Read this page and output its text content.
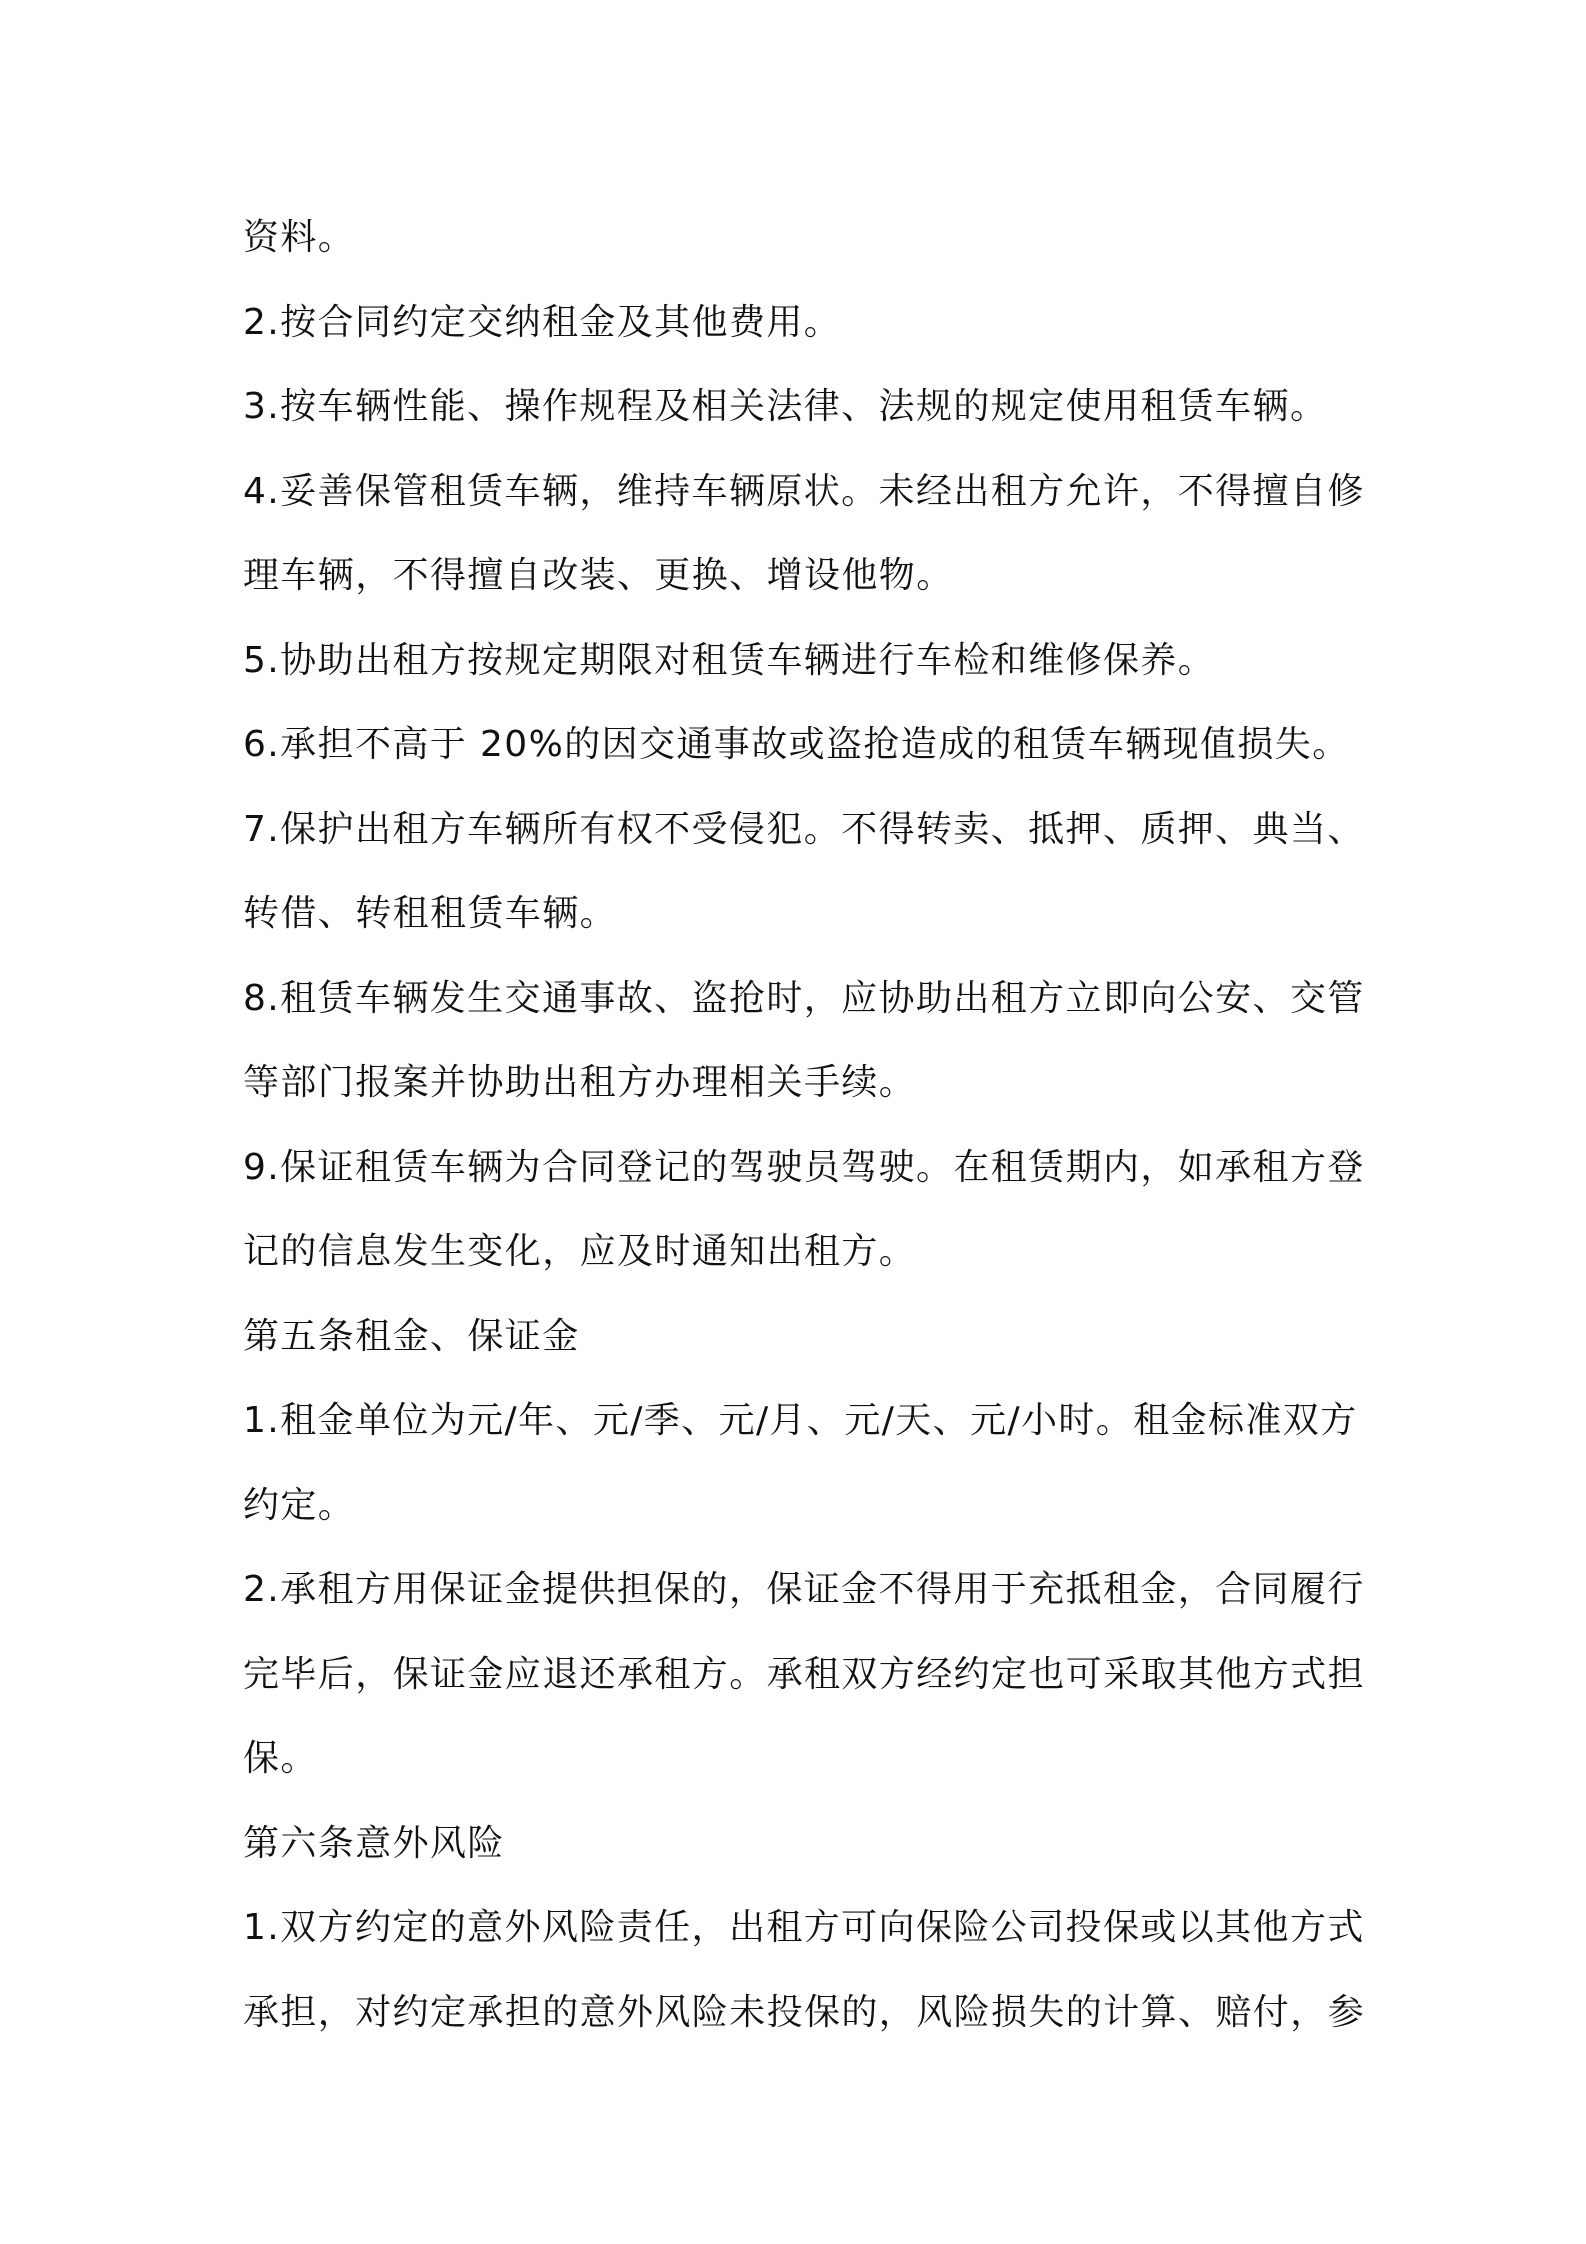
资料。
2.按合同约定交纳租金及其他费用。
3.按车辆性能、操作规程及相关法律、法规的规定使用租赁车辆。
4.妥善保管租赁车辆，维持车辆原状。未经出租方允许，不得擅自修
理车辆，不得擅自改装、更换、增设他物。
5.协助出租方按规定期限对租赁车辆进行车检和维修保养。
6.承担不高于 20%的因交通事故或盗抢造成的租赁车辆现值损失。
7.保护出租方车辆所有权不受侵犯。不得转卖、抵押、质押、典当、
转借、转租租赁车辆。
8.租赁车辆发生交通事故、盗抢时，应协助出租方立即向公安、交管
等部门报案并协助出租方办理相关手续。
9.保证租赁车辆为合同登记的驾驶员驾驶。在租赁期内，如承租方登
记的信息发生变化，应及时通知出租方。
第五条租金、保证金
1.租金单位为元/年、元/季、元/月、元/天、元/小时。租金标准双方
约定。
2.承租方用保证金提供担保的，保证金不得用于充抵租金，合同履行
完毕后，保证金应退还承租方。承租双方经约定也可采取其他方式担
保。
第六条意外风险
1.双方约定的意外风险责任，出租方可向保险公司投保或以其他方式
承担，对约定承担的意外风险未投保的，风险损失的计算、赔付，参
